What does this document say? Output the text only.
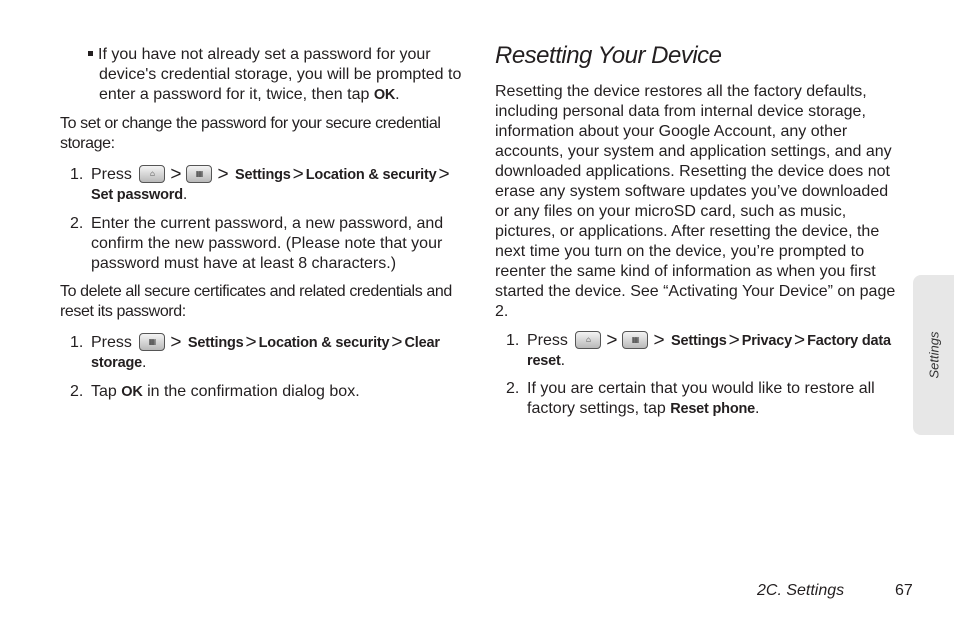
If you have not already set a password for your device's credential storage, you will be prompted to enter a password for it, twice, then tap OK.

To set or change the password for your secure credential storage:

1. Press ⌂ > ▦ > Settings > Location & security > Set password.

2. Enter the current password, a new password, and confirm the new password. (Please note that your password must have at least 8 characters.)

To delete all secure certificates and related credentials and reset its password:

1. Press ▦ > Settings > Location & security > Clear storage.

2. Tap OK in the confirmation dialog box.

Resetting Your Device

Resetting the device restores all the factory defaults, including personal data from internal device storage, information about your Google Account, any other accounts, your system and application settings, and any downloaded applications. Resetting the device does not erase any system software updates you’ve downloaded or any files on your microSD card, such as music, pictures, or applications. After resetting the device, the next time you turn on the device, you’re prompted to reenter the same kind of information as when you first started the device. See “Activating Your Device” on page 2.

1. Press ⌂ > ▦ > Settings > Privacy > Factory data reset.

2. If you are certain that you would like to restore all factory settings, tap Reset phone.

Settings
2C. Settings	67
